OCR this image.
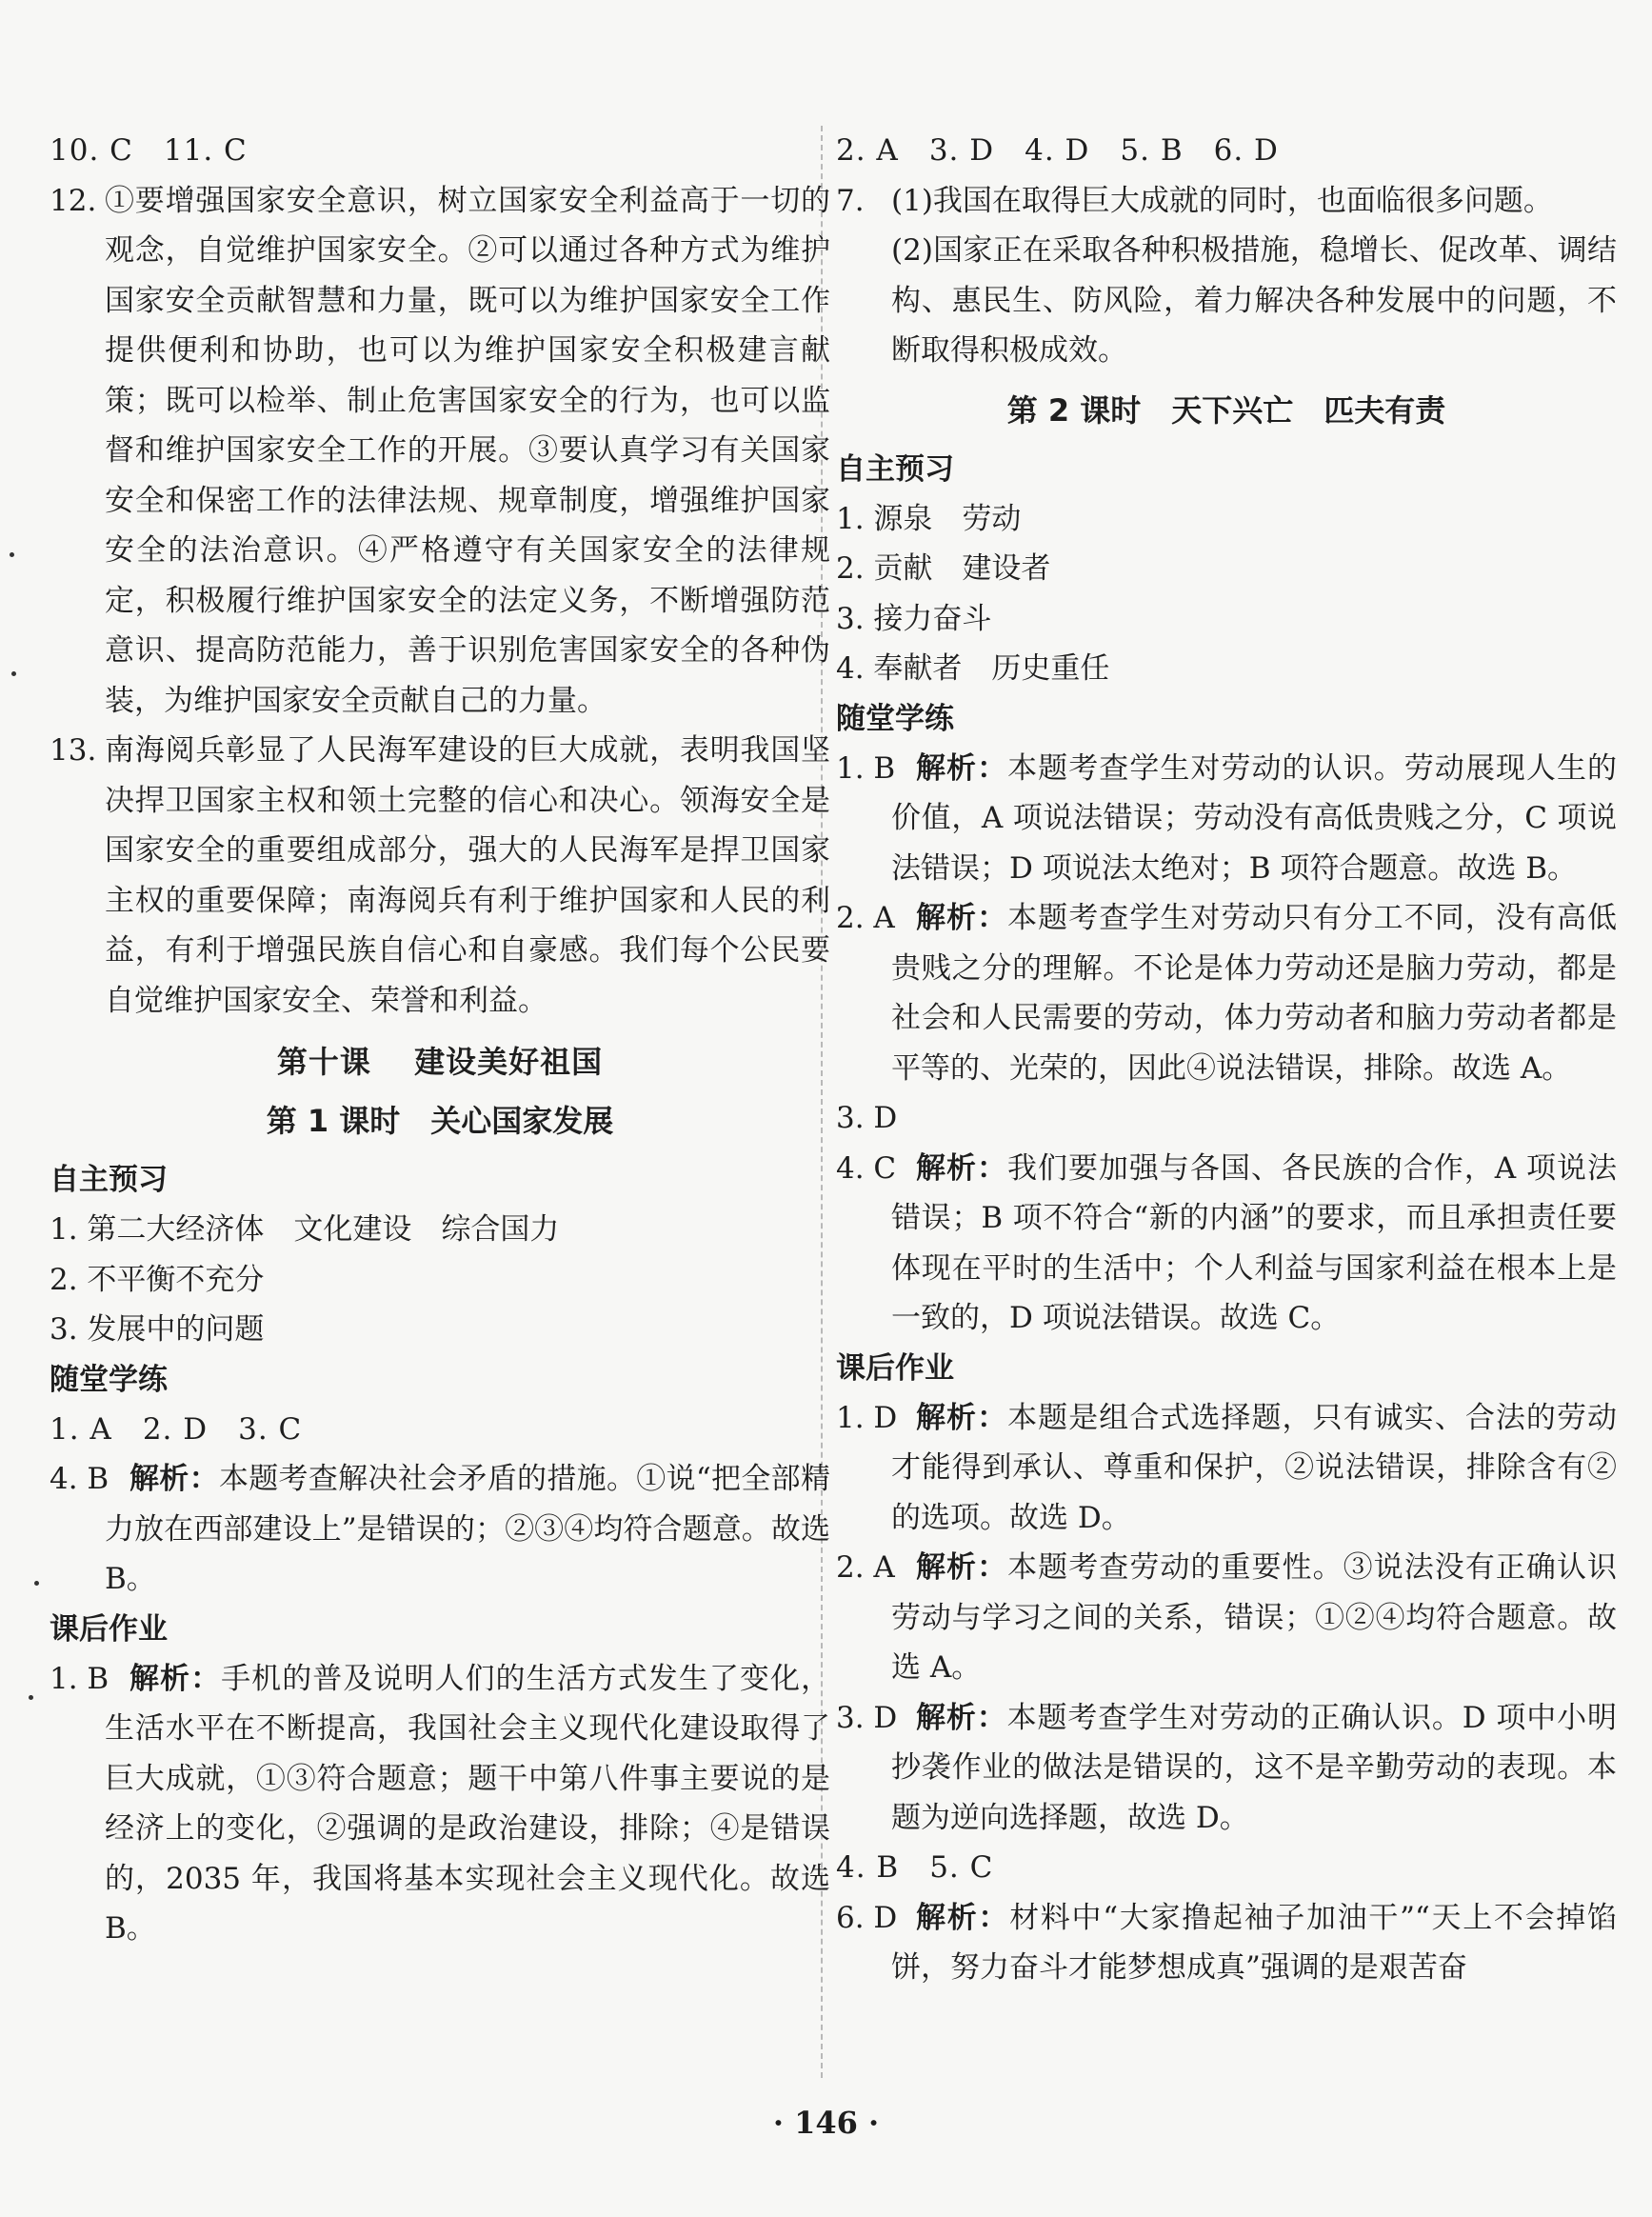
10. C　11. C
12. ①要增强国家安全意识，树立国家安全利益高于一切的观念，自觉维护国家安全。②可以通过各种方式为维护国家安全贡献智慧和力量，既可以为维护国家安全工作提供便利和协助，也可以为维护国家安全积极建言献策；既可以检举、制止危害国家安全的行为，也可以监督和维护国家安全工作的开展。③要认真学习有关国家安全和保密工作的法律法规、规章制度，增强维护国家安全的法治意识。④严格遵守有关国家安全的法律规定，积极履行维护国家安全的法定义务，不断增强防范意识、提高防范能力，善于识别危害国家安全的各种伪装，为维护国家安全贡献自己的力量。
13. 南海阅兵彰显了人民海军建设的巨大成就，表明我国坚决捍卫国家主权和领土完整的信心和决心。领海安全是国家安全的重要组成部分，强大的人民海军是捍卫国家主权的重要保障；南海阅兵有利于维护国家和人民的利益，有利于增强民族自信心和自豪感。我们每个公民要自觉维护国家安全、荣誉和利益。
第十课　 建设美好祖国
第 1 课时　关心国家发展
自主预习
1. 第二大经济体　文化建设　综合国力
2. 不平衡不充分
3. 发展中的问题
随堂学练
1. A　2. D　3. C
4. B 解析：本题考查解决社会矛盾的措施。①说“把全部精力放在西部建设上”是错误的；②③④均符合题意。故选 B。
课后作业
1. B 解析：手机的普及说明人们的生活方式发生了变化，生活水平在不断提高，我国社会主义现代化建设取得了巨大成就，①③符合题意；题干中第八件事主要说的是经济上的变化，②强调的是政治建设，排除；④是错误的，2035 年，我国将基本实现社会主义现代化。故选 B。
2. A　3. D　4. D　5. B　6. D
7. (1)我国在取得巨大成就的同时，也面临很多问题。
(2)国家正在采取各种积极措施，稳增长、促改革、调结构、惠民生、防风险，着力解决各种发展中的问题，不断取得积极成效。
第 2 课时　天下兴亡　匹夫有责
自主预习
1. 源泉　劳动
2. 贡献　建设者
3. 接力奋斗
4. 奉献者　历史重任
随堂学练
1. B 解析：本题考查学生对劳动的认识。劳动展现人生的价值，A 项说法错误；劳动没有高低贵贱之分，C 项说法错误；D 项说法太绝对；B 项符合题意。故选 B。
2. A 解析：本题考查学生对劳动只有分工不同，没有高低贵贱之分的理解。不论是体力劳动还是脑力劳动，都是社会和人民需要的劳动，体力劳动者和脑力劳动者都是平等的、光荣的，因此④说法错误，排除。故选 A。
3. D
4. C 解析：我们要加强与各国、各民族的合作，A 项说法错误；B 项不符合“新的内涵”的要求，而且承担责任要体现在平时的生活中；个人利益与国家利益在根本上是一致的，D 项说法错误。故选 C。
课后作业
1. D 解析：本题是组合式选择题，只有诚实、合法的劳动才能得到承认、尊重和保护，②说法错误，排除含有②的选项。故选 D。
2. A 解析：本题考查劳动的重要性。③说法没有正确认识劳动与学习之间的关系，错误；①②④均符合题意。故选 A。
3. D 解析：本题考查学生对劳动的正确认识。D 项中小明抄袭作业的做法是错误的，这不是辛勤劳动的表现。本题为逆向选择题，故选 D。
4. B　5. C
6. D 解析：材料中“大家撸起袖子加油干”“天上不会掉馅饼，努力奋斗才能梦想成真”强调的是艰苦奋
· 146 ·
